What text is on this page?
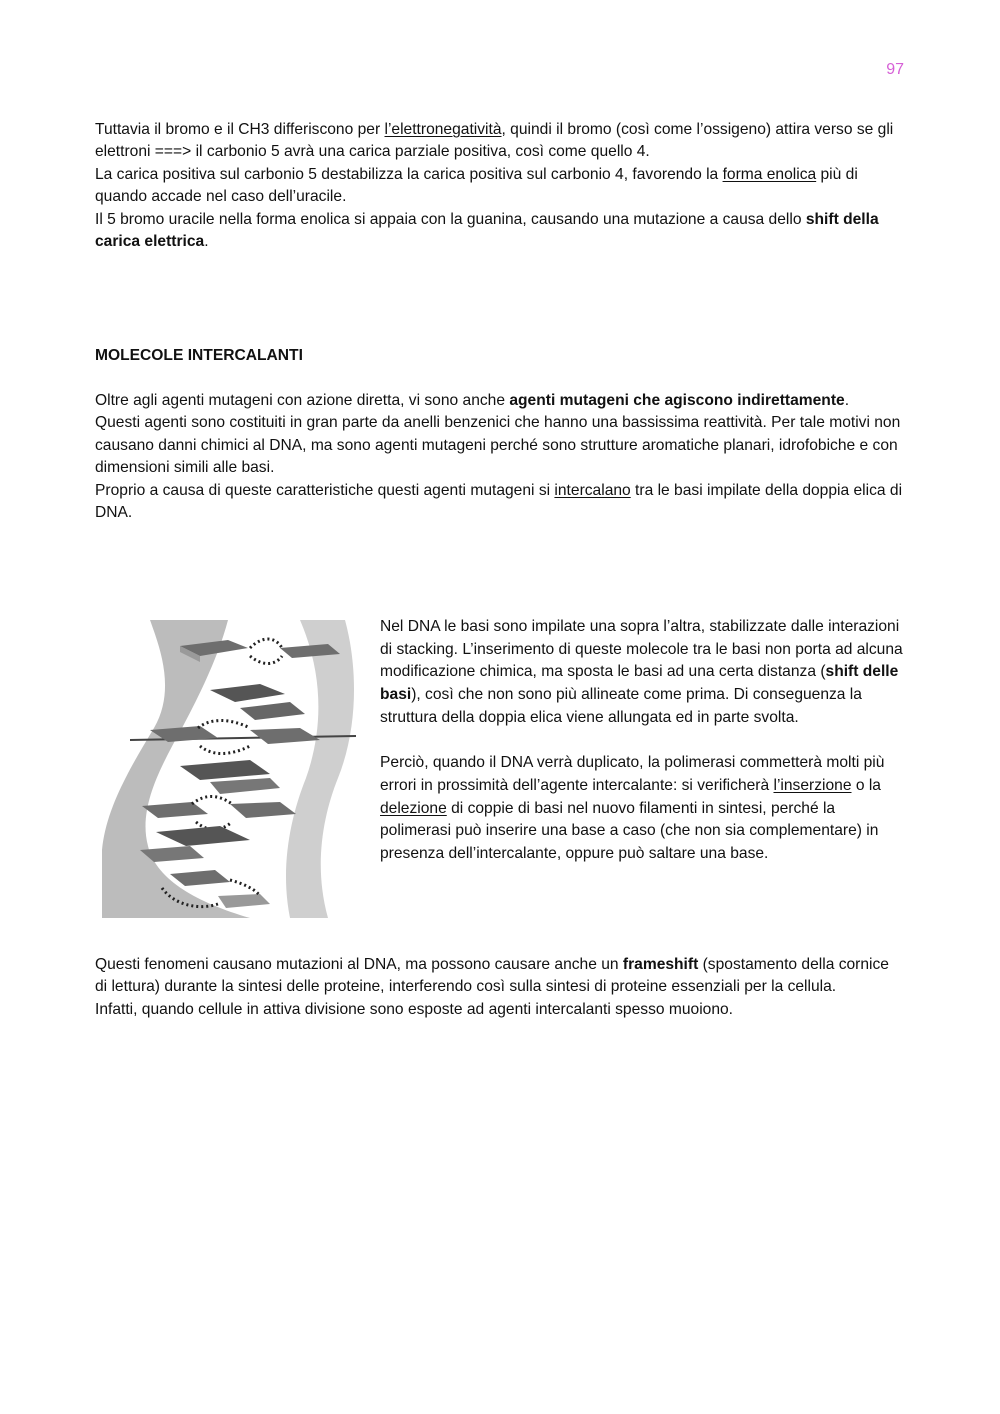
97

Tuttavia il bromo e il CH3 differiscono per l’elettronegatività, quindi il bromo (così come l’ossigeno) attira verso se gli elettroni ===> il carbonio 5 avrà una carica parziale positiva, così come quello 4.

La carica positiva sul carbonio 5 destabilizza la carica positiva sul carbonio 4, favorendo la forma enolica più di quando accade nel caso dell’uracile.

Il 5 bromo uracile nella forma enolica si appaia con la guanina, causando una mutazione a causa dello shift della carica elettrica.

MOLECOLE INTERCALANTI

Oltre agli agenti mutageni con azione diretta, vi sono anche agenti mutageni che agiscono indirettamente.
Questi agenti sono costituiti in gran parte da anelli benzenici che hanno una bassissima reattività. Per tale motivi non causano danni chimici al DNA, ma sono agenti mutageni perché sono strutture aromatiche planari, idrofobiche e con dimensioni simili alle basi.

Proprio a causa di queste caratteristiche questi agenti mutageni si intercalano tra le basi impilate della doppia elica di DNA.

Nel DNA le basi sono impilate una sopra l’altra, stabilizzate dalle interazioni di stacking. L’inserimento di queste molecole tra le basi non porta ad alcuna modificazione chimica, ma sposta le basi ad una certa distanza (shift delle basi), così che non sono più allineate come prima. Di conseguenza la struttura della doppia elica viene allungata ed in parte svolta.

Perciò, quando il DNA verrà duplicato, la polimerasi commetterà molti più errori in prossimità dell’agente intercalante: si verificherà l’inserzione o la delezione di coppie di basi nel nuovo filamenti in sintesi, perché la polimerasi può inserire una base a caso (che non sia complementare) in presenza dell’intercalante, oppure può saltare una base.

Questi fenomeni causano mutazioni al DNA, ma possono causare anche un frameshift (spostamento della cornice di lettura) durante la sintesi delle proteine, interferendo così sulla sintesi di proteine essenziali per la cellula.

Infatti, quando cellule in attiva divisione sono esposte ad agenti intercalanti spesso muoiono.
